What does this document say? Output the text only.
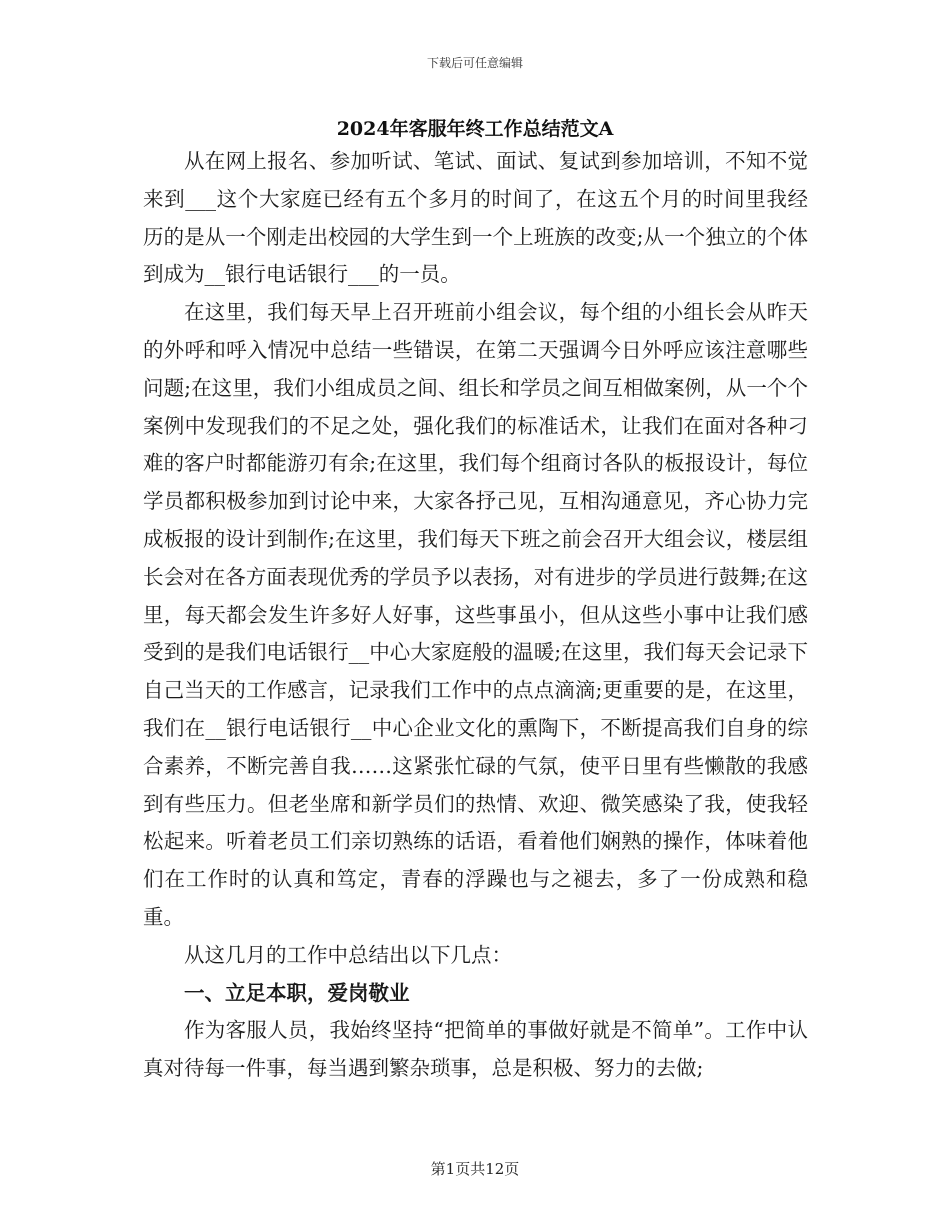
下载后可任意编辑
2024年客服年终工作总结范文A

从在网上报名、参加听试、笔试、面试、复试到参加培训，不知不觉来到___这个大家庭已经有五个多月的时间了，在这五个月的时间里我经历的是从一个刚走出校园的大学生到一个上班族的改变;从一个独立的个体到成为__银行电话银行___的一员。

在这里，我们每天早上召开班前小组会议，每个组的小组长会从昨天的外呼和呼入情况中总结一些错误，在第二天强调今日外呼应该注意哪些问题;在这里，我们小组成员之间、组长和学员之间互相做案例，从一个个案例中发现我们的不足之处，强化我们的标准话术，让我们在面对各种刁难的客户时都能游刃有余;在这里，我们每个组商讨各队的板报设计，每位学员都积极参加到讨论中来，大家各抒己见，互相沟通意见，齐心协力完成板报的设计到制作;在这里，我们每天下班之前会召开大组会议，楼层组长会对在各方面表现优秀的学员予以表扬，对有进步的学员进行鼓舞;在这里，每天都会发生许多好人好事，这些事虽小，但从这些小事中让我们感受到的是我们电话银行__中心大家庭般的温暖;在这里，我们每天会记录下自己当天的工作感言，记录我们工作中的点点滴滴;更重要的是，在这里，我们在__银行电话银行__中心企业文化的熏陶下，不断提高我们自身的综合素养，不断完善自我……这紧张忙碌的气氛，使平日里有些懒散的我感到有些压力。但老坐席和新学员们的热情、欢迎、微笑感染了我，使我轻松起来。听着老员工们亲切熟练的话语，看着他们娴熟的操作，体味着他们在工作时的认真和笃定，青春的浮躁也与之褪去，多了一份成熟和稳重。

从这几月的工作中总结出以下几点：

一、立足本职，爱岗敬业

作为客服人员，我始终坚持“把简单的事做好就是不简单”。工作中认真对待每一件事，每当遇到繁杂琐事，总是积极、努力的去做;

第1页共12页
